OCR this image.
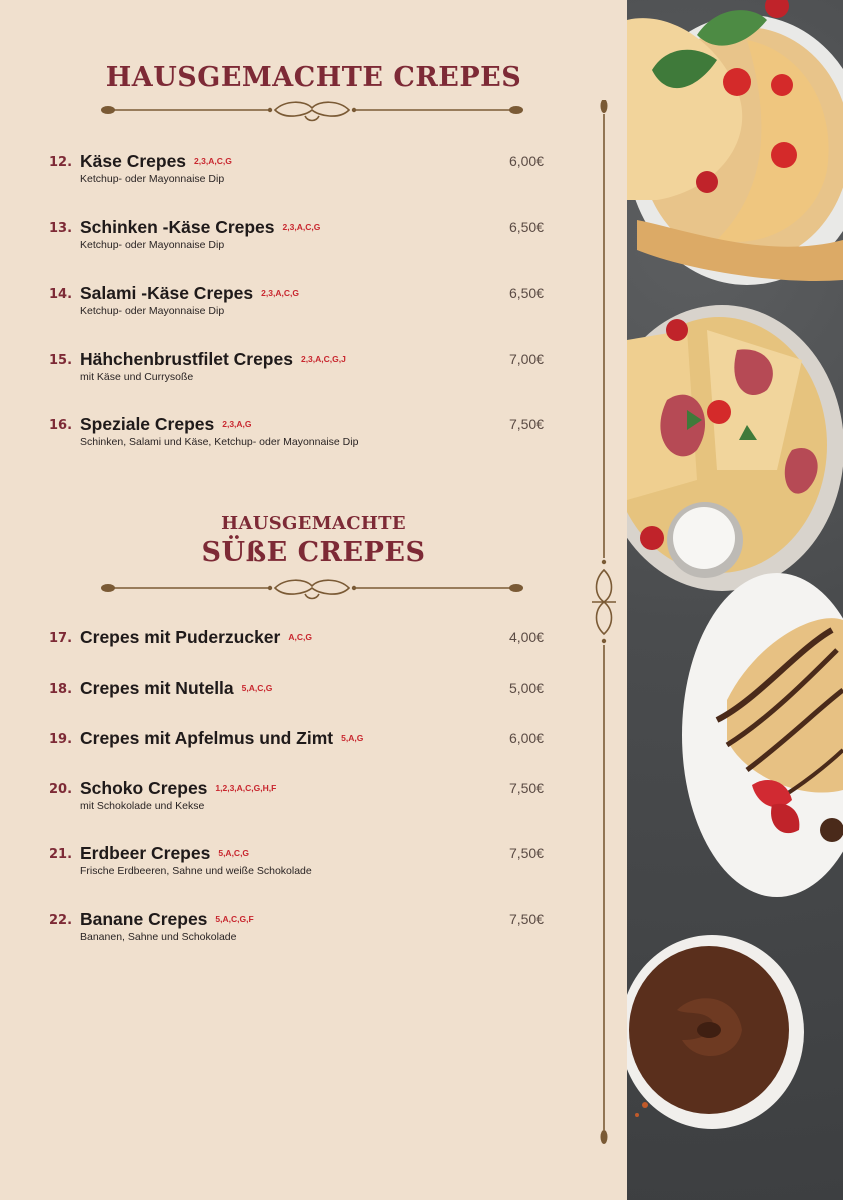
HAUSGEMACHTE CREPES
12. Käse Crepes 2,3,A,C,G
Ketchup- oder Mayonnaise Dip
6,00€
13. Schinken -Käse Crepes 2,3,A,C,G
Ketchup- oder Mayonnaise Dip
6,50€
14. Salami -Käse Crepes 2,3,A,C,G
Ketchup- oder Mayonnaise Dip
6,50€
15. Hähchenbrustfilet Crepes 2,3,A,C,G,J
mit Käse und Currysoße
7,00€
16. Speziale Crepes 2,3,A,G
Schinken, Salami und Käse, Ketchup- oder Mayonnaise Dip
7,50€
HAUSGEMACHTE
SÜßE CREPES
17. Crepes mit Puderzucker A,C,G	4,00€
18. Crepes mit Nutella 5,A,C,G	5,00€
19. Crepes mit Apfelmus und Zimt 5,A,G	6,00€
20. Schoko Crepes 1,2,3,A,C,G,H,F
mit Schokolade und Kekse
7,50€
21. Erdbeer Crepes 5,A,C,G
Frische Erdbeeren, Sahne und weiße Schokolade
7,50€
22. Banane Crepes 5,A,C,G,F
Bananen, Sahne und Schokolade
7,50€
